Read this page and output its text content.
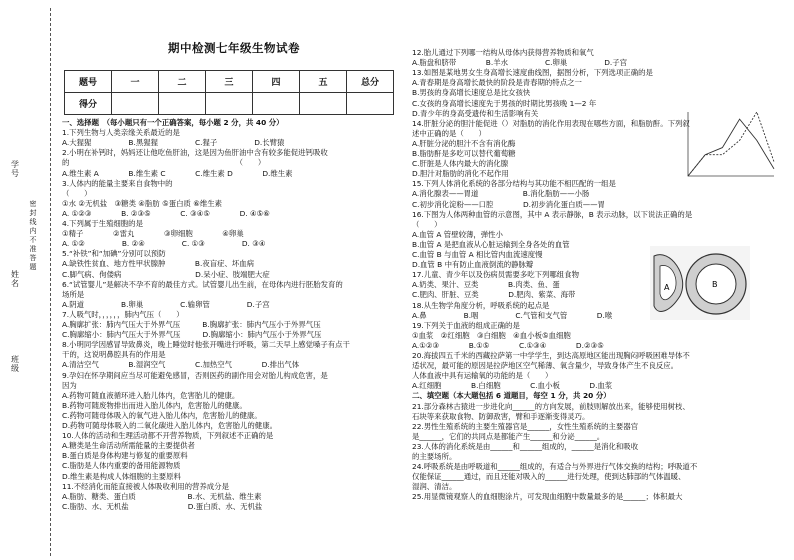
学号
密 封 线 内 不 准 答 题
姓名
班级
期中检测七年级生物试卷
题号	一	二	三	四	五	总分
得分						
一、选择题　（每小题只有一个正确答案，每小题 2 分，共 40 分）
1.下列生物与人类亲缘关系最近的是
A.大猩猩　　　　　B.黑猩猩　　　　　C.猩子　　　　　D.长臂猿
2.小明在补钙时，妈妈还让他吃鱼肝油，这是因为鱼肝油中含有较多能促进钙吸收
的　　　　　　　　　　　　　　　　　　　　　　　（　　）
A.维生素 A　　　　B.维生素 C　　　　C.维生素 D　　　　D.维生素
3.人体内的能量主要来自食物中的
（　　）
①水 ②无机盐　③糖类 ④脂肪 ⑤蛋白质 ⑥维生素
A. ①②③　　　　B. ②③⑤　　　　C. ③④⑤　　　　D. ④⑤⑥
4.下列属于生殖细胞的是
①精子　　　　②雷丸　　　　③卵细胞　　　　④卵巢
A. ①②　　　　　B. ②④　　　　　C. ①③　　　　　D. ③④
5.“补铁”和“加碘”分别可以预防
A.缺铁性贫血、地方性甲状腺肿　　　　B.夜盲症、坏血病
C.脚气病、佝偻病　　　　　　　　　　D.呆小症、肢端肥大症
6.“试管婴儿”是解决不孕不育的最佳方式。试管婴儿出生前，在母体内进行胚胎发育的
场所是
A.阴道　　　　　B.卵巢　　　　　C.输卵管　　　　　D.子宫
7.人吸气时，，，，，，肺内气压（　　）
A.胸廓扩张：肺内气压大于外界气压　　　B.胸廓扩张：肺内气压小于外界气压
C.胸廓缩小：肺内气压大于外界气压　　　D.胸廓缩小：肺内气压小于外界气压
8.小明同学因感冒导致鼻炎，晚上睡觉时他张开嘴进行呼吸，第二天早上感觉嗓子有点干
干的，这说明鼻腔具有的作用是
A.清洁空气　　　　B.湿润空气　　　　C.加热空气　　　　D.排出气体
9.孕妇在怀孕期间应当尽可能避免感冒，否则医药的副作用会对胎儿构成危害，是
因为
A.药物可随血液循环进入胎儿体内，危害胎儿的健康。
B.药物可随废物排出而进入胎儿体内，危害胎儿的健康。
C.药物可随母体吸入的氧气进入胎儿体内，危害胎儿的健康。
D.药物可随母体吸入的二氧化碳进入胎儿体内，危害胎儿的健康。
10.人体的活动和生理活动都不开营养物质，下列叙述不正确的是
A.糖类是生命活动所需能量的主要提供者
B.蛋白质是身体构建与修复的重要原料
C.脂肪是人体内重要的备用能源物质
D.维生素是构成人体细胞的主要原料
11.不经消化而能直接被人体吸收利用的营养成分是
A.脂肪、糖类、蛋白质　　　　　　　B.水、无机盐、维生素
C.脂肪、水、无机盐　　　　　　　　D.蛋白质、水、无机盐
12.胎儿通过下列哪一结构从母体内获得营养物质和氧气
A.脂盘和脐带　　　　B.羊水　　　　　C.卵巢　　　　　D.子宫
13.如图是某地男女生身高增长速度曲线图，据图分析，下列选项正确的是
A.青春期是身高增长最快的阶段是青春期的特点之一
B.男孩的身高增长速度总是比女孩快
C.女孩的身高增长速度先于男孩的时期比男孩晚 1—2 年
D.青少年的身高受遗传和生活影响有关
14.肝脏分泌的胆汁能促进（）对脂肪的消化作用表现在哪些方面，和脂肪酐。下列叙
述中正确的是（　　）
A.肝脏分泌的胆汁不含有消化酶
B.脂肪酐是多吃可以替代葡萄糖
C.肝脏是人体内最大的消化腺
D.胆汁对脂肪的消化不起作用
15.下列人体消化系统的各部分结构与其功能不相匹配的一组是
A.消化腺表——胃道　　　　　　B.消化脂肪——小肠
C.初步消化淀粉——口腔　　　　D.初步消化蛋白质——胃
16.下图为人体两种血管的示意图，其中 A 表示静脉，B 表示动脉，以下说法正确的是
（　　）
A.血管 A 管壁较薄，弹性小
B.血管 A 是把血液从心脏运输到全身各处的血管
C.血管 B 与血管 A 相比管内血流速度慢
D.血管 B 中有防止血液倒流的静脉瓣
17.儿童、青少年以及伤病员需要多吃下列哪组食物
A.奶类、果汁、豆类　　　　B.肉类、鱼、蛋
C.肥肉、肝脏、豆类　　　　D.肥肉、紫菜、海带
18.从生物学角度分析，呼吸系统的起点是
A.鼻　　　　　B.咽　　　　　C.气管和支气管　　　　D.喉
19.下列关于血液的组成正确的是
①血浆　②红细胞　③白细胞　④血小板⑤血细胞
A.①②③　　　　B.①⑤　　　　C.①③④　　　　D.②③⑤
20.海拔四五千米的西藏拉萨第一中学学生，到达高原地区能出现胸闷呼吸困难导体不
适状况，最可能的原因是拉萨地区空气稀薄、氧含量少，导致身体产生不良反应。
人体血液中具有运输氧的功能的是（　　）
A.红细胞　　　　B.白细胞　　　　C.血小板　　　　D.血浆
二、填空题（本大题包括 6 道题目，每空 1 分，共 20 分）
21.部分森林古猿进一步进化向______的方向发展，前肢则解放出来，能够使用树枝、
石块等来获取食物、防御敌害，臂和手逐渐变得灵巧。
22.男性生殖系统的主要生殖器官是______，女性生殖系统的主要器官
是______，它们的共同点是都能产生______和分泌______。
23.人体的消化系统是由______和______组成的，______是消化和吸收
的主要场所。
24.呼吸系统是由呼吸道和______组成的，有适合与外界进行气体交换的结构；呼吸道不
仅能保证______通过，而且还能对吸入的______进行处理，使到达肺部的气体温暖、
湿润、清洁。
25.用显微镜观察人的血细胞涂片，可发现血细胞中数量最多的是______；体积最大
A	B
